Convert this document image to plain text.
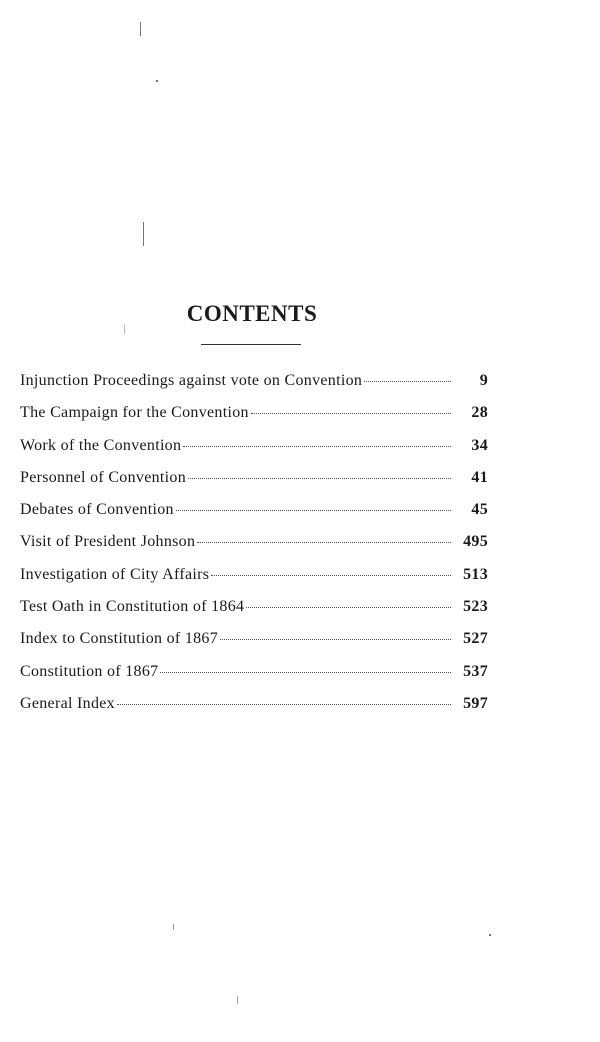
CONTENTS
Injunction Proceedings against vote on Convention	9
The Campaign for the Convention	28
Work of the Convention	34
Personnel of Convention	41
Debates of Convention	45
Visit of President Johnson	495
Investigation of City Affairs	513
Test Oath in Constitution of 1864	523
Index to Constitution of 1867	527
Constitution of 1867	537
General Index	597
